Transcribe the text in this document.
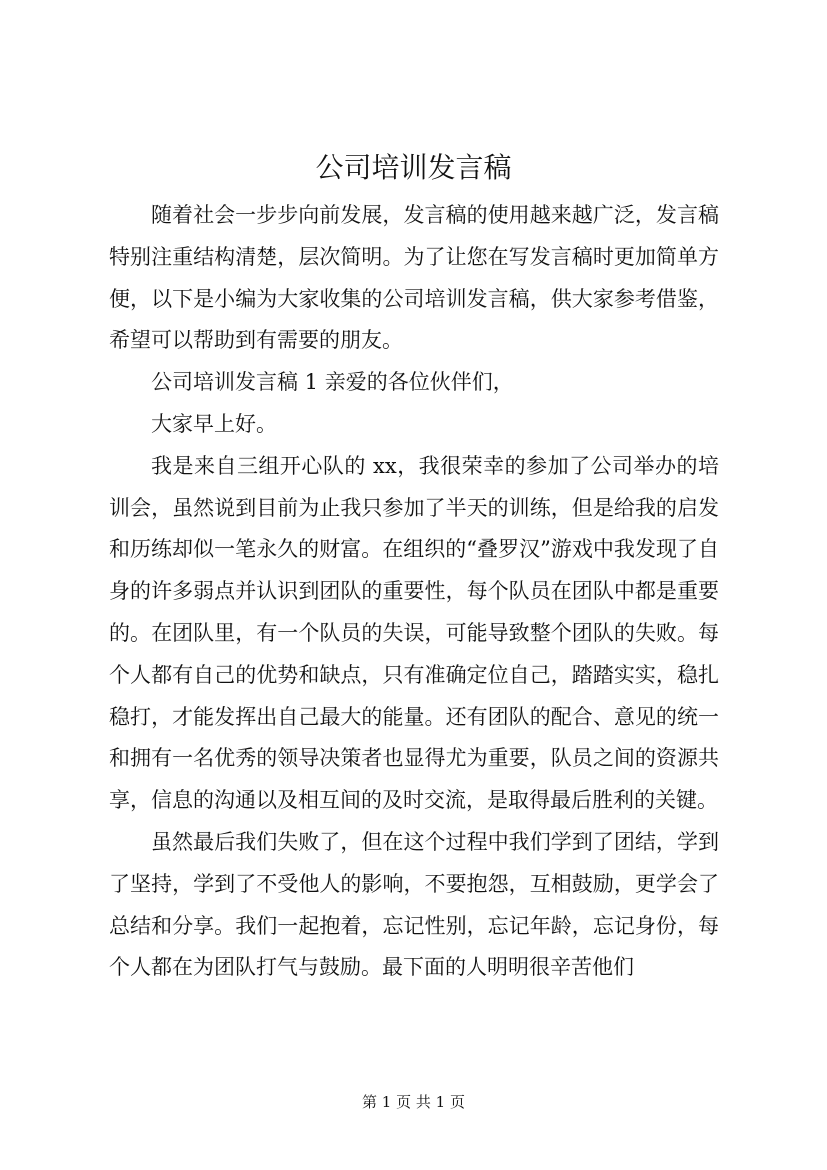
公司培训发言稿

随着社会一步步向前发展，发言稿的使用越来越广泛，发言稿特别注重结构清楚，层次简明。为了让您在写发言稿时更加简单方便，以下是小编为大家收集的公司培训发言稿，供大家参考借鉴，希望可以帮助到有需要的朋友。

公司培训发言稿 1 亲爱的各位伙伴们，

大家早上好。

我是来自三组开心队的 xx，我很荣幸的参加了公司举办的培训会，虽然说到目前为止我只参加了半天的训练，但是给我的启发和历练却似一笔永久的财富。在组织的“叠罗汉”游戏中我发现了自身的许多弱点并认识到团队的重要性，每个队员在团队中都是重要的。在团队里，有一个队员的失误，可能导致整个团队的失败。每个人都有自己的优势和缺点，只有准确定位自己，踏踏实实，稳扎稳打，才能发挥出自己最大的能量。还有团队的配合、意见的统一和拥有一名优秀的领导决策者也显得尤为重要，队员之间的资源共享，信息的沟通以及相互间的及时交流，是取得最后胜利的关键。

虽然最后我们失败了，但在这个过程中我们学到了团结，学到了坚持，学到了不受他人的影响，不要抱怨，互相鼓励，更学会了总结和分享。我们一起抱着，忘记性别，忘记年龄，忘记身份，每个人都在为团队打气与鼓励。最下面的人明明很辛苦他们

第 1 页 共 1 页
